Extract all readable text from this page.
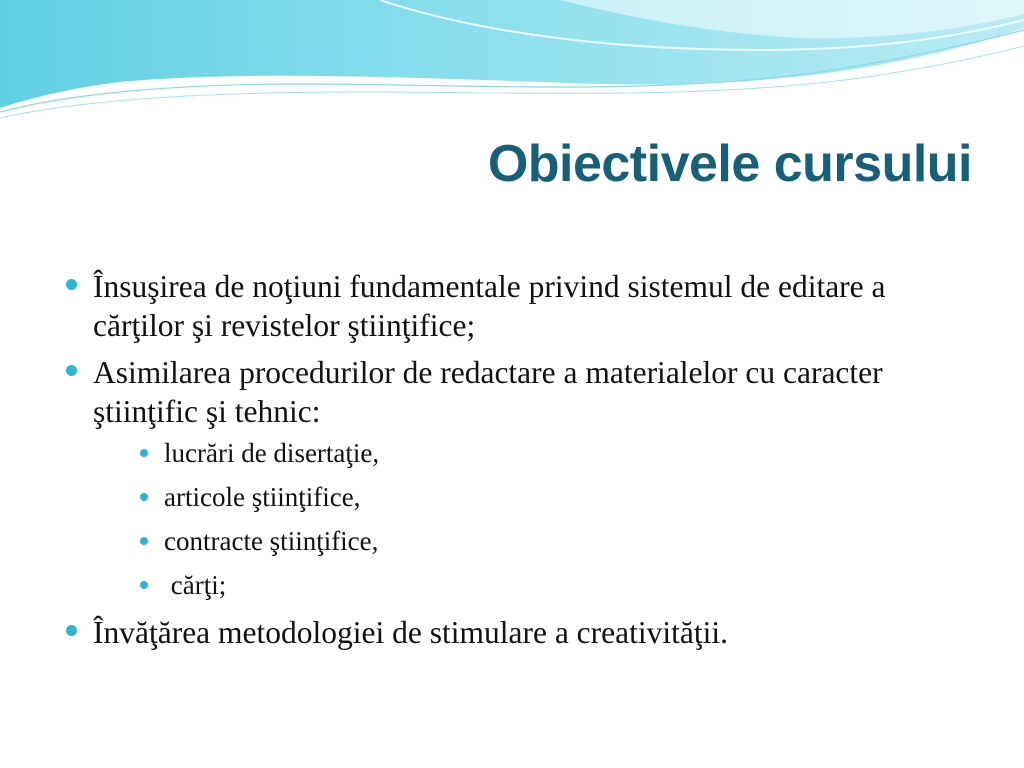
Obiectivele cursului
Însuşirea de noţiuni fundamentale privind sistemul de editare a cărţilor şi revistelor ştiinţifice;
Asimilarea procedurilor de redactare a materialelor cu caracter ştiinţific şi tehnic:
lucrări de disertaţie,
articole ştiinţifice,
contracte ştiinţifice,
cărţi;
Învăţărea metodologiei de stimulare a creativităţii.
